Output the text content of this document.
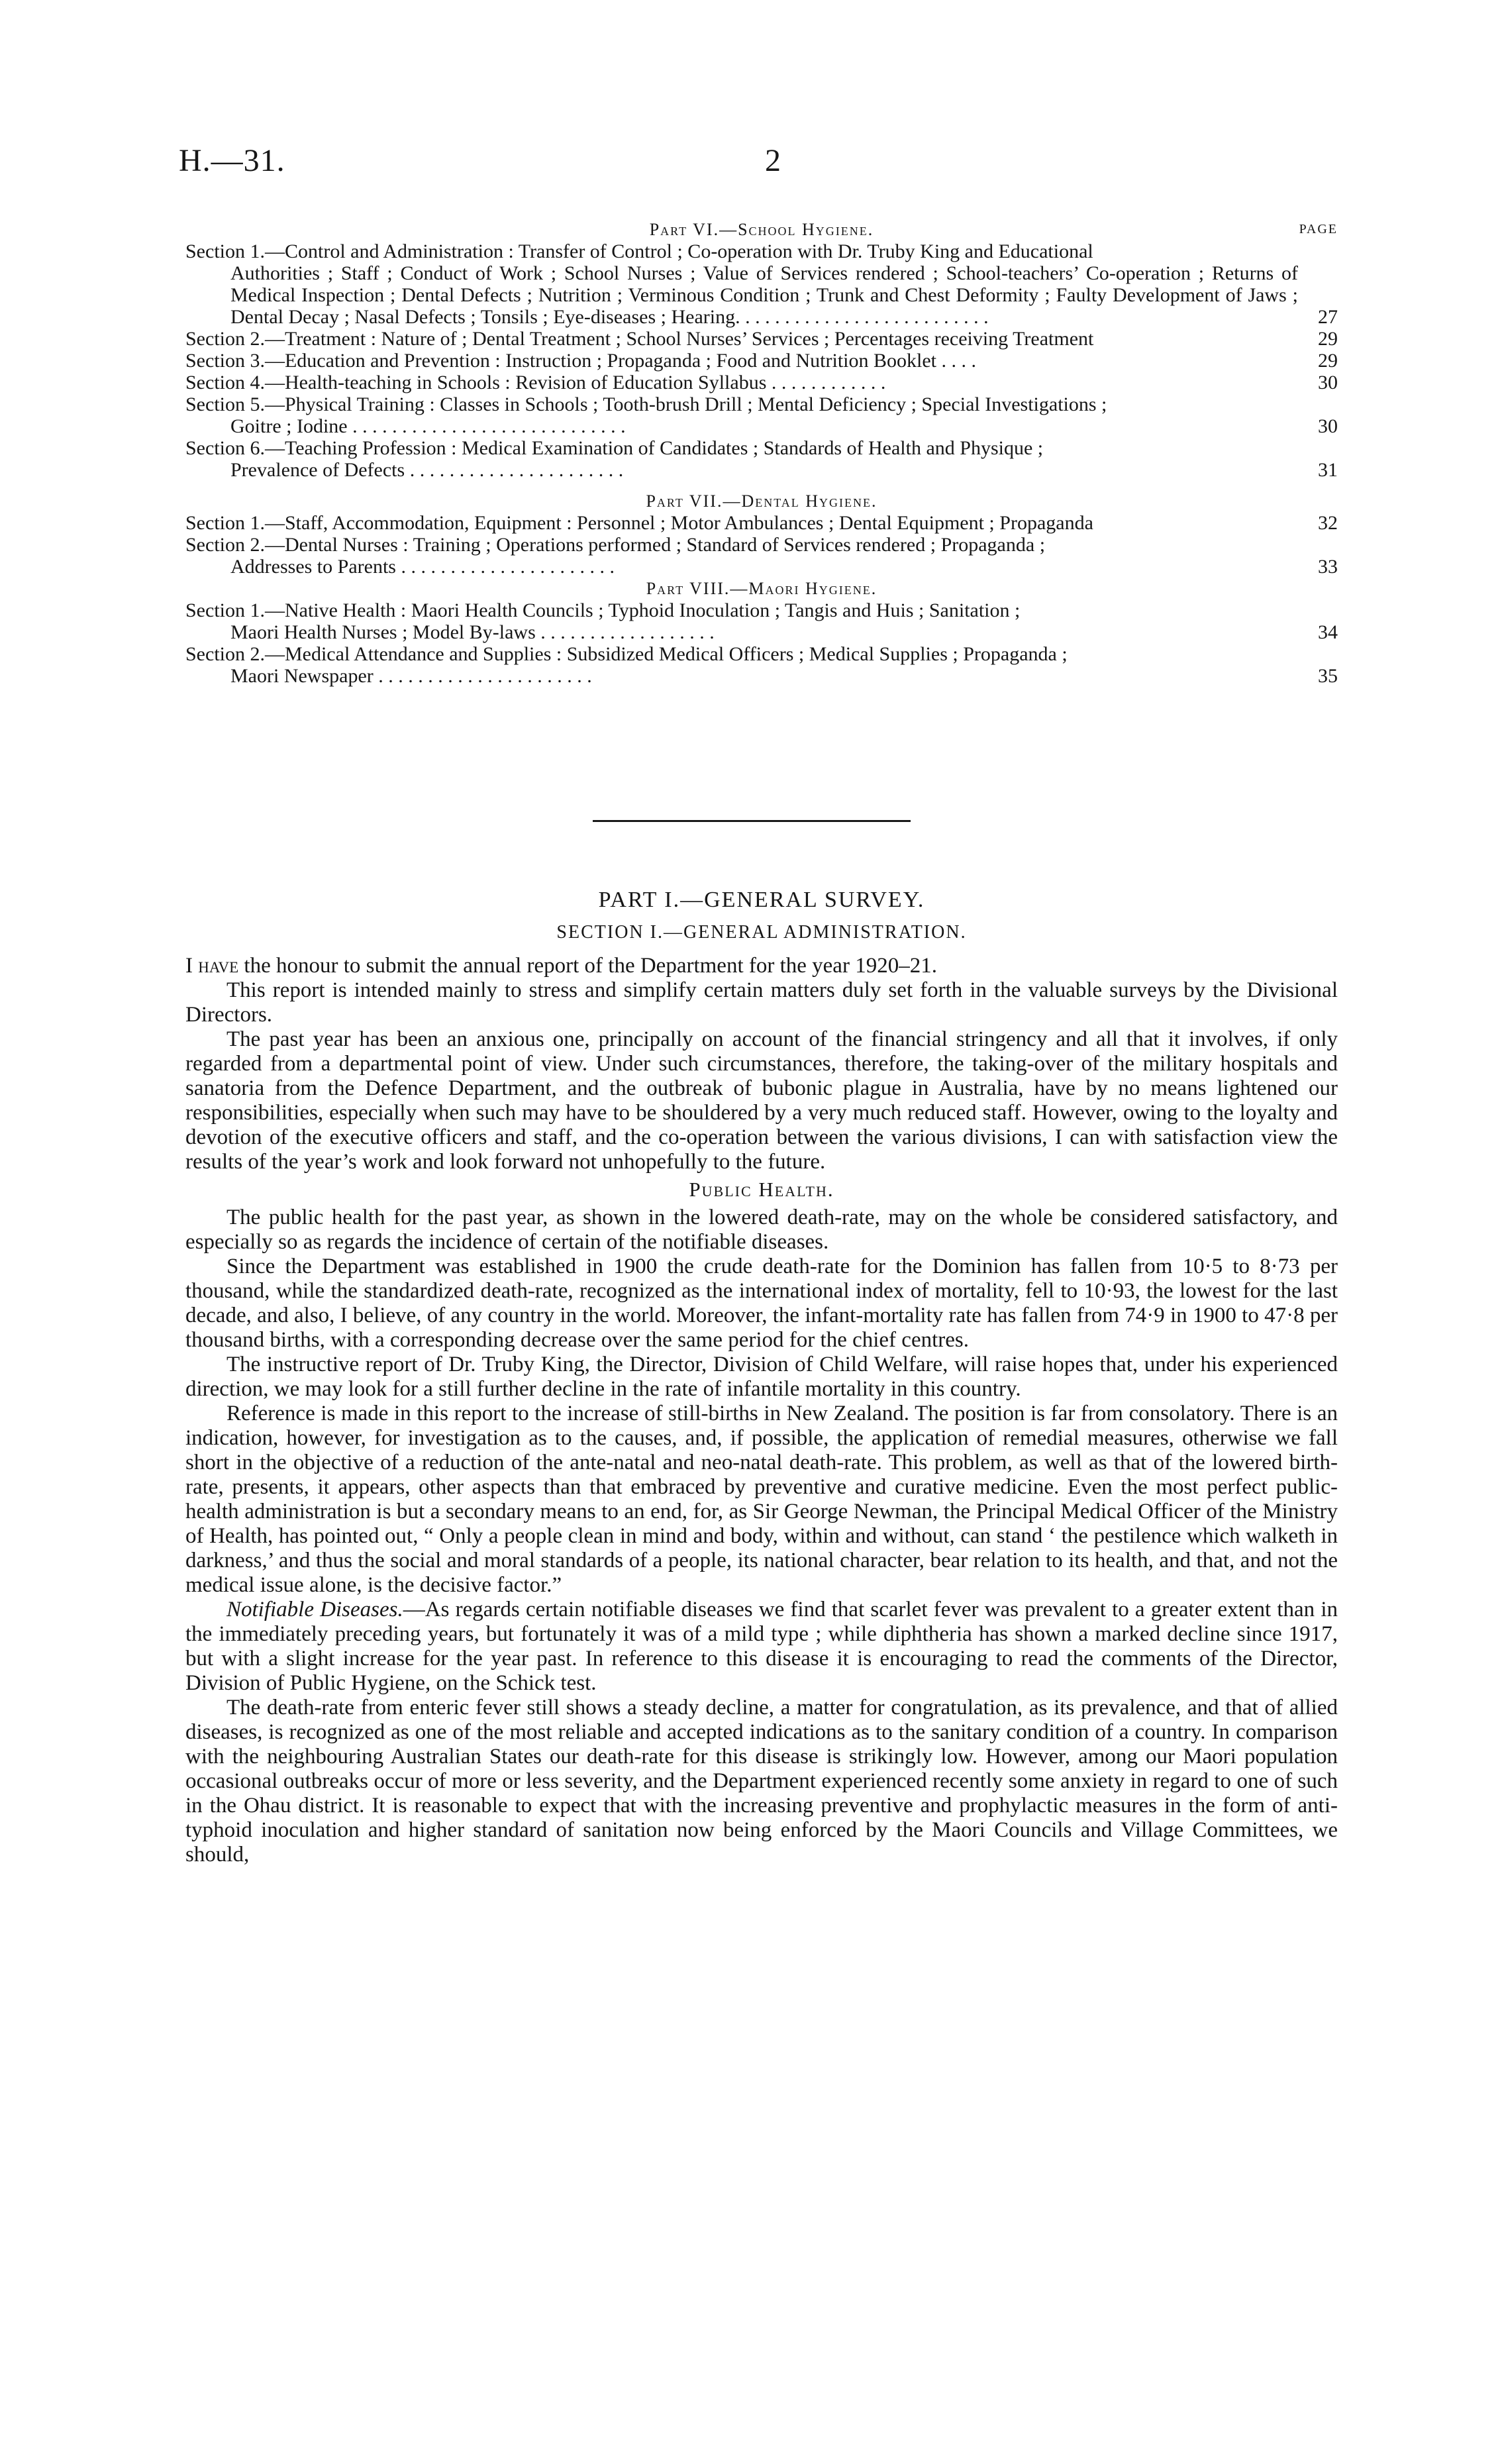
H.—31.	2
Part VI.—School Hygiene.	PAGE
Section 1.—Control and Administration : Transfer of Control ; Co-operation with Dr. Truby King and Educational
Authorities ; Staff ; Conduct of Work ; School Nurses ; Value of Services rendered ; School-teachers’ Co-operation ; Returns of Medical Inspection ; Dental Defects ; Nutrition ; Verminous Condition ; Trunk and Chest Deformity ; Faulty Development of Jaws ; Dental Decay ; Nasal Defects ; Tonsils ; Eye-diseases ; Hearing. . . . . . . . . . . . . . . . . . . . . . . . . .	27
Section 2.—Treatment : Nature of ; Dental Treatment ; School Nurses’ Services ; Percentages receiving Treatment	29
Section 3.—Education and Prevention : Instruction ; Propaganda ; Food and Nutrition Booklet . . . .	29
Section 4.—Health-teaching in Schools : Revision of Education Syllabus . . . . . . . . . . . .	30
Section 5.—Physical Training : Classes in Schools ; Tooth-brush Drill ; Mental Deficiency ; Special Investigations ;
Goitre ; Iodine . . . . . . . . . . . . . . . . . . . . . . . . . . . .	30
Section 6.—Teaching Profession : Medical Examination of Candidates ; Standards of Health and Physique ;
Prevalence of Defects . . . . . . . . . . . . . . . . . . . . . .	31
Part VII.—Dental Hygiene.
Section 1.—Staff, Accommodation, Equipment : Personnel ; Motor Ambulances ; Dental Equipment ; Propaganda	32
Section 2.—Dental Nurses : Training ; Operations performed ; Standard of Services rendered ; Propaganda ;
Addresses to Parents . . . . . . . . . . . . . . . . . . . . . .	33
Part VIII.—Maori Hygiene.
Section 1.—Native Health : Maori Health Councils ; Typhoid Inoculation ; Tangis and Huis ; Sanitation ;
Maori Health Nurses ; Model By-laws . . . . . . . . . . . . . . . . . .	34
Section 2.—Medical Attendance and Supplies : Subsidized Medical Officers ; Medical Supplies ; Propaganda ;
Maori Newspaper . . . . . . . . . . . . . . . . . . . . . .	35
PART I.—GENERAL SURVEY.
SECTION I.—GENERAL ADMINISTRATION.

I have the honour to submit the annual report of the Department for the year 1920–21.

This report is intended mainly to stress and simplify certain matters duly set forth in the valuable surveys by the Divisional Directors.

The past year has been an anxious one, principally on account of the financial stringency and all that it involves, if only regarded from a departmental point of view. Under such circumstances, therefore, the taking-over of the military hospitals and sanatoria from the Defence Department, and the outbreak of bubonic plague in Australia, have by no means lightened our responsibilities, especially when such may have to be shouldered by a very much reduced staff. However, owing to the loyalty and devotion of the executive officers and staff, and the co-operation between the various divisions, I can with satisfaction view the results of the year’s work and look forward not unhopefully to the future.

Public Health.

The public health for the past year, as shown in the lowered death-rate, may on the whole be considered satisfactory, and especially so as regards the incidence of certain of the notifiable diseases.

Since the Department was established in 1900 the crude death-rate for the Dominion has fallen from 10·5 to 8·73 per thousand, while the standardized death-rate, recognized as the international index of mortality, fell to 10·93, the lowest for the last decade, and also, I believe, of any country in the world. Moreover, the infant-mortality rate has fallen from 74·9 in 1900 to 47·8 per thousand births, with a corresponding decrease over the same period for the chief centres.

The instructive report of Dr. Truby King, the Director, Division of Child Welfare, will raise hopes that, under his experienced direction, we may look for a still further decline in the rate of infantile mortality in this country.

Reference is made in this report to the increase of still-births in New Zealand. The position is far from consolatory. There is an indication, however, for investigation as to the causes, and, if possible, the application of remedial measures, otherwise we fall short in the objective of a reduction of the ante-natal and neo-natal death-rate. This problem, as well as that of the lowered birth-rate, presents, it appears, other aspects than that embraced by preventive and curative medicine. Even the most perfect public-health administration is but a secondary means to an end, for, as Sir George Newman, the Principal Medical Officer of the Ministry of Health, has pointed out, “ Only a people clean in mind and body, within and without, can stand ‘ the pestilence which walketh in darkness,’ and thus the social and moral standards of a people, its national character, bear relation to its health, and that, and not the medical issue alone, is the decisive factor.”

Notifiable Diseases.—As regards certain notifiable diseases we find that scarlet fever was prevalent to a greater extent than in the immediately preceding years, but fortunately it was of a mild type ; while diphtheria has shown a marked decline since 1917, but with a slight increase for the year past. In reference to this disease it is encouraging to read the comments of the Director, Division of Public Hygiene, on the Schick test.

The death-rate from enteric fever still shows a steady decline, a matter for congratulation, as its prevalence, and that of allied diseases, is recognized as one of the most reliable and accepted indications as to the sanitary condition of a country. In comparison with the neighbouring Australian States our death-rate for this disease is strikingly low. However, among our Maori population occasional outbreaks occur of more or less severity, and the Department experienced recently some anxiety in regard to one of such in the Ohau district. It is reasonable to expect that with the increasing preventive and prophylactic measures in the form of anti-typhoid inoculation and higher standard of sanitation now being enforced by the Maori Councils and Village Committees, we should,
